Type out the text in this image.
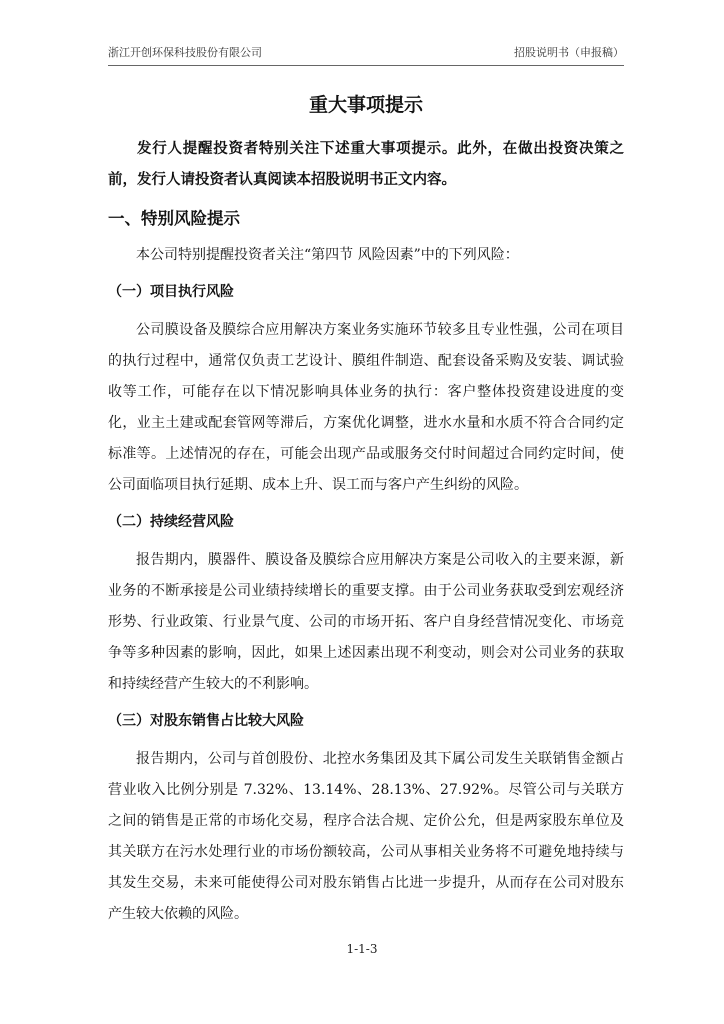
浙江开创环保科技股份有限公司	招股说明书（申报稿）
重大事项提示

发行人提醒投资者特别关注下述重大事项提示。此外，在做出投资决策之前，发行人请投资者认真阅读本招股说明书正文内容。

一、特别风险提示

本公司特别提醒投资者关注“第四节 风险因素”中的下列风险：

（一）项目执行风险

公司膜设备及膜综合应用解决方案业务实施环节较多且专业性强，公司在项目的执行过程中，通常仅负责工艺设计、膜组件制造、配套设备采购及安装、调试验收等工作，可能存在以下情况影响具体业务的执行：客户整体投资建设进度的变化，业主土建或配套管网等滞后，方案优化调整，进水水量和水质不符合合同约定标准等。上述情况的存在，可能会出现产品或服务交付时间超过合同约定时间，使公司面临项目执行延期、成本上升、误工而与客户产生纠纷的风险。

（二）持续经营风险

报告期内，膜器件、膜设备及膜综合应用解决方案是公司收入的主要来源，新业务的不断承接是公司业绩持续增长的重要支撑。由于公司业务获取受到宏观经济形势、行业政策、行业景气度、公司的市场开拓、客户自身经营情况变化、市场竞争等多种因素的影响，因此，如果上述因素出现不利变动，则会对公司业务的获取和持续经营产生较大的不利影响。

（三）对股东销售占比较大风险

报告期内，公司与首创股份、北控水务集团及其下属公司发生关联销售金额占营业收入比例分别是 7.32%、13.14%、28.13%、27.92%。尽管公司与关联方之间的销售是正常的市场化交易，程序合法合规、定价公允，但是两家股东单位及其关联方在污水处理行业的市场份额较高，公司从事相关业务将不可避免地持续与其发生交易，未来可能使得公司对股东销售占比进一步提升，从而存在公司对股东产生较大依赖的风险。

1-1-3
